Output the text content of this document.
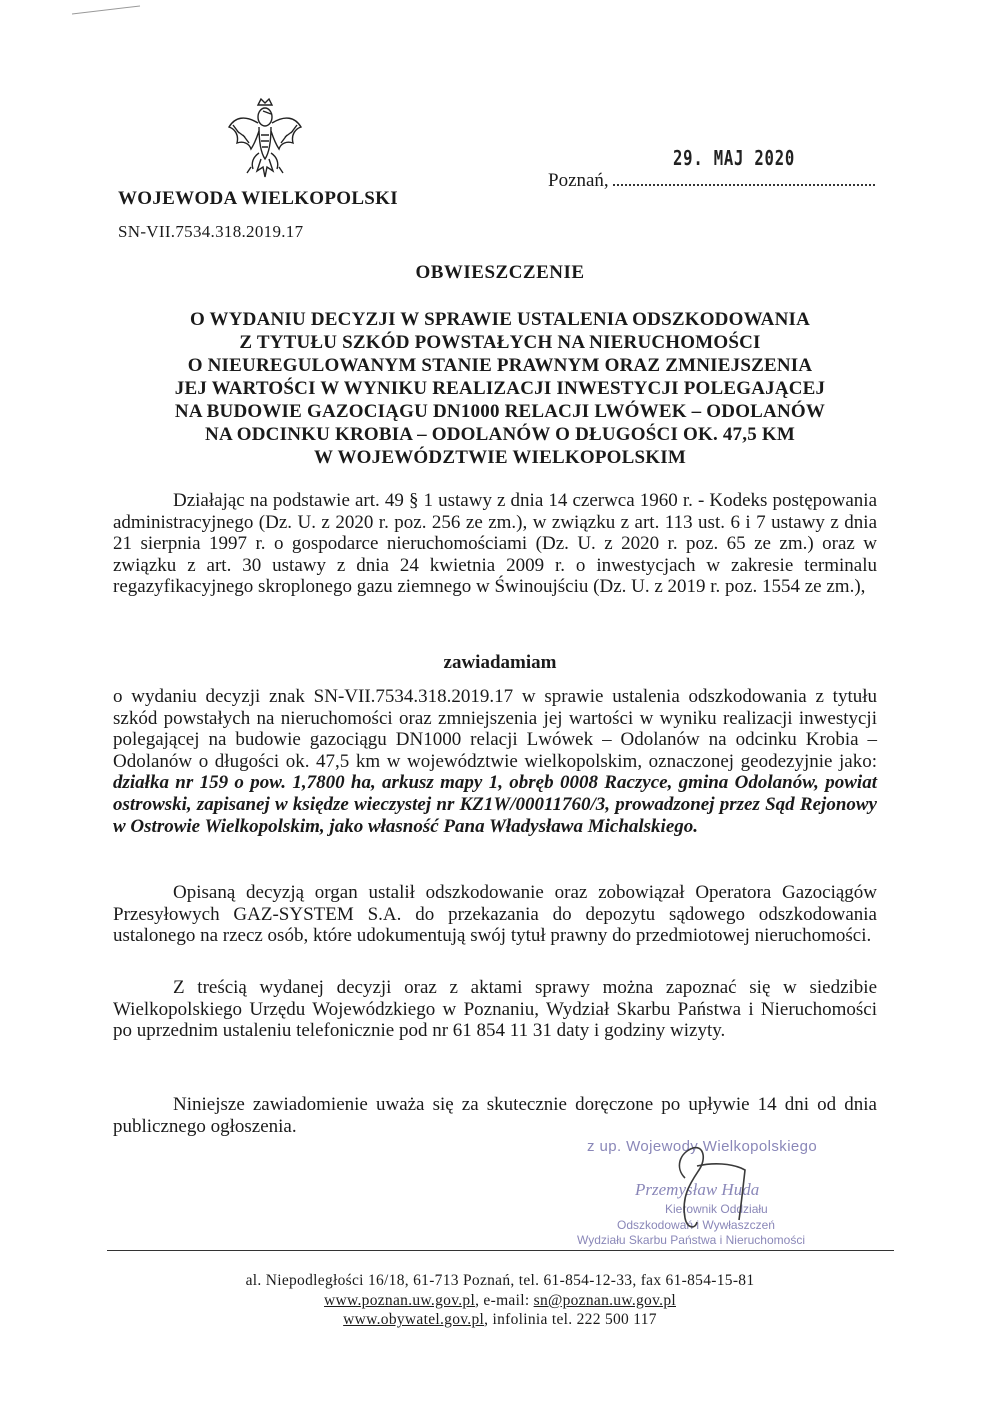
WOJEWODA WIELKOPOLSKI
SN-VII.7534.318.2019.17
Poznań,
29. MAJ 2020
OBWIESZCZENIE
O WYDANIU DECYZJI W SPRAWIE USTALENIA ODSZKODOWANIA
Z TYTUŁU SZKÓD POWSTAŁYCH NA NIERUCHOMOŚCI
O NIEUREGULOWANYM STANIE PRAWNYM ORAZ ZMNIEJSZENIA
JEJ WARTOŚCI W WYNIKU REALIZACJI INWESTYCJI POLEGAJĄCEJ
NA BUDOWIE GAZOCIĄGU DN1000 RELACJI LWÓWEK – ODOLANÓW
NA ODCINKU KROBIA – ODOLANÓW O DŁUGOŚCI OK. 47,5 KM
W WOJEWÓDZTWIE WIELKOPOLSKIM
Działając na podstawie art. 49 § 1 ustawy z dnia 14 czerwca 1960 r. - Kodeks postępowania administracyjnego (Dz. U. z 2020 r. poz. 256 ze zm.), w związku z art. 113 ust. 6 i 7 ustawy z dnia 21 sierpnia 1997 r. o gospodarce nieruchomościami (Dz. U. z 2020 r. poz. 65 ze zm.) oraz w związku z art. 30 ustawy z dnia 24 kwietnia 2009 r. o inwestycjach w zakresie terminalu regazyfikacyjnego skroplonego gazu ziemnego w Świnoujściu (Dz. U. z 2019 r. poz. 1554 ze zm.),
zawiadamiam
o wydaniu decyzji znak SN-VII.7534.318.2019.17 w sprawie ustalenia odszkodowania z tytułu szkód powstałych na nieruchomości oraz zmniejszenia jej wartości w wyniku realizacji inwestycji polegającej na budowie gazociągu DN1000 relacji Lwówek – Odolanów na odcinku Krobia – Odolanów o długości ok. 47,5 km w województwie wielkopolskim, oznaczonej geodezyjnie jako: działka nr 159 o pow. 1,7800 ha, arkusz mapy 1, obręb 0008 Raczyce, gmina Odolanów, powiat ostrowski, zapisanej w księdze wieczystej nr KZ1W/00011760/3, prowadzonej przez Sąd Rejonowy w Ostrowie Wielkopolskim, jako własność Pana Władysława Michalskiego.
Opisaną decyzją organ ustalił odszkodowanie oraz zobowiązał Operatora Gazociągów Przesyłowych GAZ-SYSTEM S.A. do przekazania do depozytu sądowego odszkodowania ustalonego na rzecz osób, które udokumentują swój tytuł prawny do przedmiotowej nieruchomości.
Z treścią wydanej decyzji oraz z aktami sprawy można zapoznać się w siedzibie Wielkopolskiego Urzędu Wojewódzkiego w Poznaniu, Wydział Skarbu Państwa i Nieruchomości po uprzednim ustaleniu telefonicznie pod nr 61 854 11 31 daty i godziny wizyty.
Niniejsze zawiadomienie uważa się za skutecznie doręczone po upływie 14 dni od dnia publicznego ogłoszenia.
z up. Wojewody Wielkopolskiego
Przemysław Huda
Kierownik Oddziału
Odszkodowań i Wywłaszczeń
Wydziału Skarbu Państwa i Nieruchomości
al. Niepodległości 16/18, 61-713 Poznań, tel. 61-854-12-33, fax 61-854-15-81
www.poznan.uw.gov.pl, e-mail: sn@poznan.uw.gov.pl
www.obywatel.gov.pl, infolinia tel. 222 500 117
